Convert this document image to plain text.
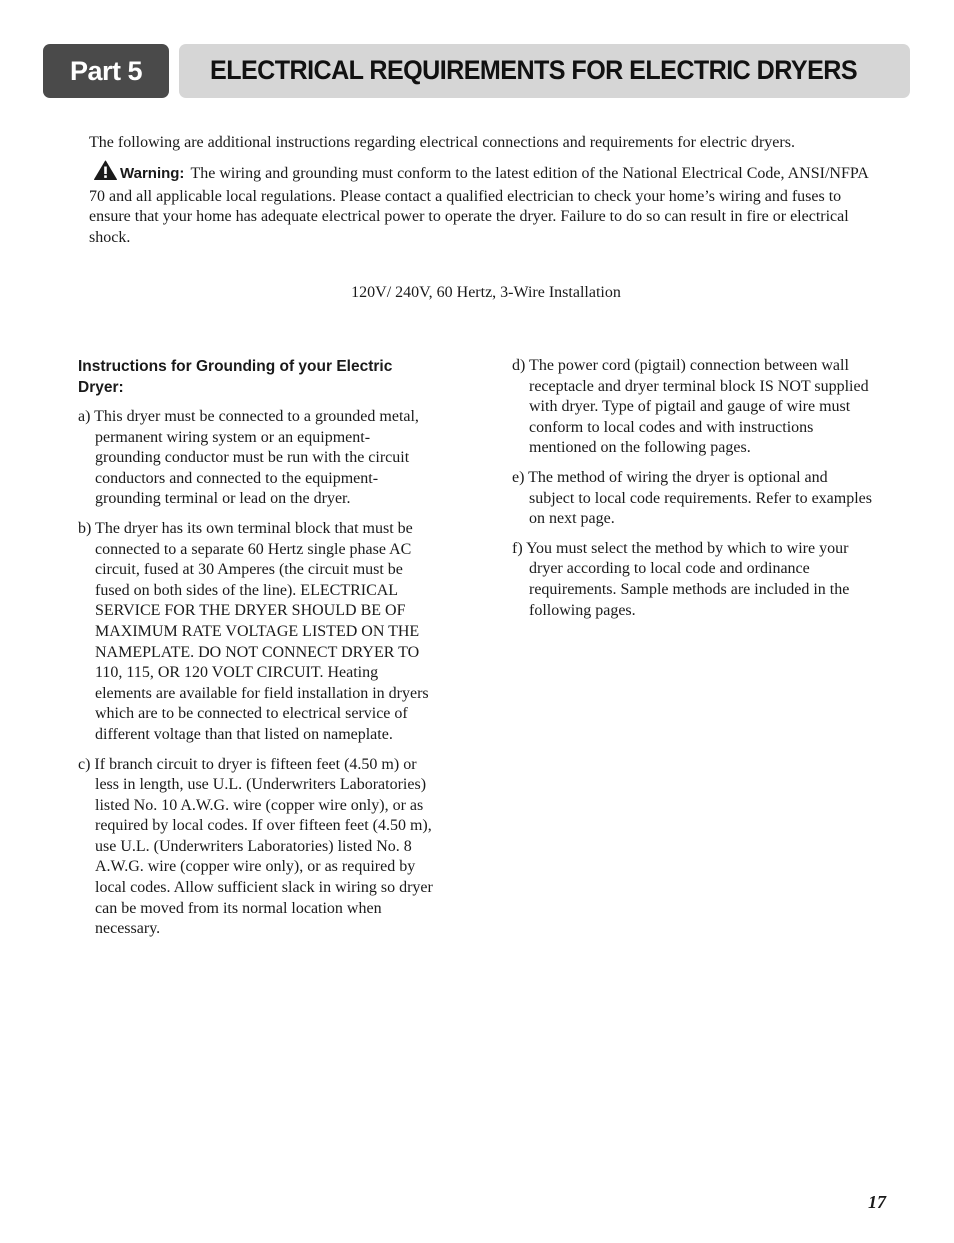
Part 5	ELECTRICAL REQUIREMENTS FOR ELECTRIC DRYERS

The following are additional instructions regarding electrical connections and requirements for electric dryers.

Warning: The wiring and grounding must conform to the latest edition of the National Electrical Code, ANSI/NFPA 70 and all applicable local regulations. Please contact a qualified electrician to check your home’s wiring and fuses to ensure that your home has adequate electrical power to operate the dryer. Failure to do so can result in fire or electrical shock.

120V/ 240V, 60 Hertz, 3-Wire Installation

Instructions for Grounding of your Electric Dryer:

a) This dryer must be connected to a grounded metal, permanent wiring system or an equipment-grounding conductor must be run with the circuit conductors and connected to the equipment-grounding terminal or lead on the dryer.

b) The dryer has its own terminal block that must be connected to a separate 60 Hertz single phase AC circuit, fused at 30 Amperes (the circuit must be fused on both sides of the line). ELECTRICAL SERVICE FOR THE DRYER SHOULD BE OF MAXIMUM RATE VOLTAGE LISTED ON THE NAMEPLATE. DO NOT CONNECT DRYER TO 110, 115, OR 120 VOLT CIRCUIT. Heating elements are available for field installation in dryers which are to be connected to electrical service of different voltage than that listed on nameplate.

c) If branch circuit to dryer is fifteen feet (4.50 m) or less in length, use U.L. (Underwriters Laboratories) listed No. 10 A.W.G. wire (copper wire only), or as required by local codes. If over fifteen feet (4.50 m), use U.L. (Underwriters Laboratories) listed No. 8 A.W.G. wire (copper wire only), or as required by local codes. Allow sufficient slack in wiring so dryer can be moved from its normal location when necessary.

d) The power cord (pigtail) connection between wall receptacle and dryer terminal block IS NOT supplied with dryer. Type of pigtail and gauge of wire must conform to local codes and with instructions mentioned on the following pages.

e) The method of wiring the dryer is optional and subject to local code requirements. Refer to examples on next page.

f) You must select the method by which to wire your dryer according to local code and ordinance requirements. Sample methods are included in the following pages.

17
